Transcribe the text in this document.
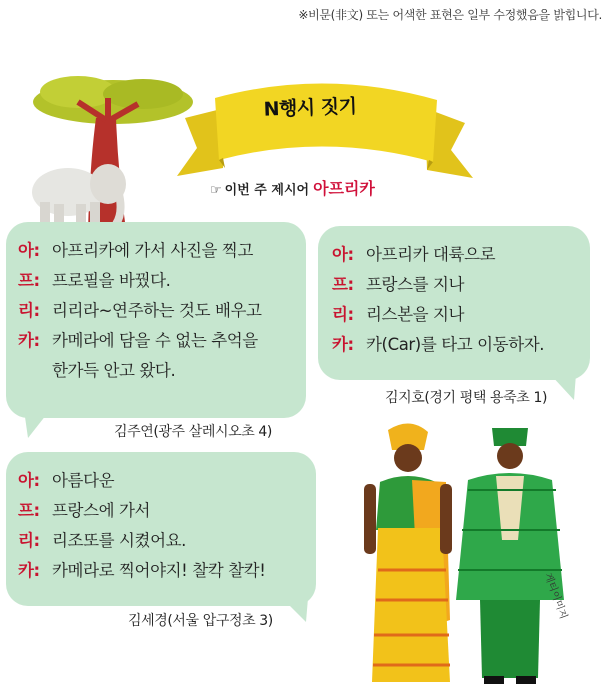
※비문(非文) 또는 어색한 표현은 일부 수정했음을 밝힙니다.
N행시 짓기
☞ 이번 주 제시어 아프리카
아: 아프리카에 가서 사진을 찍고
프: 프로필을 바꿨다.
리: 리리라~연주하는 것도 배우고
카: 카메라에 담을 수 없는 추억을
한가득 안고 왔다.
김주연(광주 살레시오초 4)
아: 아프리카 대륙으로
프: 프랑스를 지나
리: 리스본을 지나
카: 카(Car)를 타고 이동하자.
김지호(경기 평택 용죽초 1)
아: 아름다운
프: 프랑스에 가서
리: 리조또를 시켰어요.
카: 카메라로 찍어야지! 찰칵 찰칵!
김세경(서울 압구정초 3)
게티이미지
